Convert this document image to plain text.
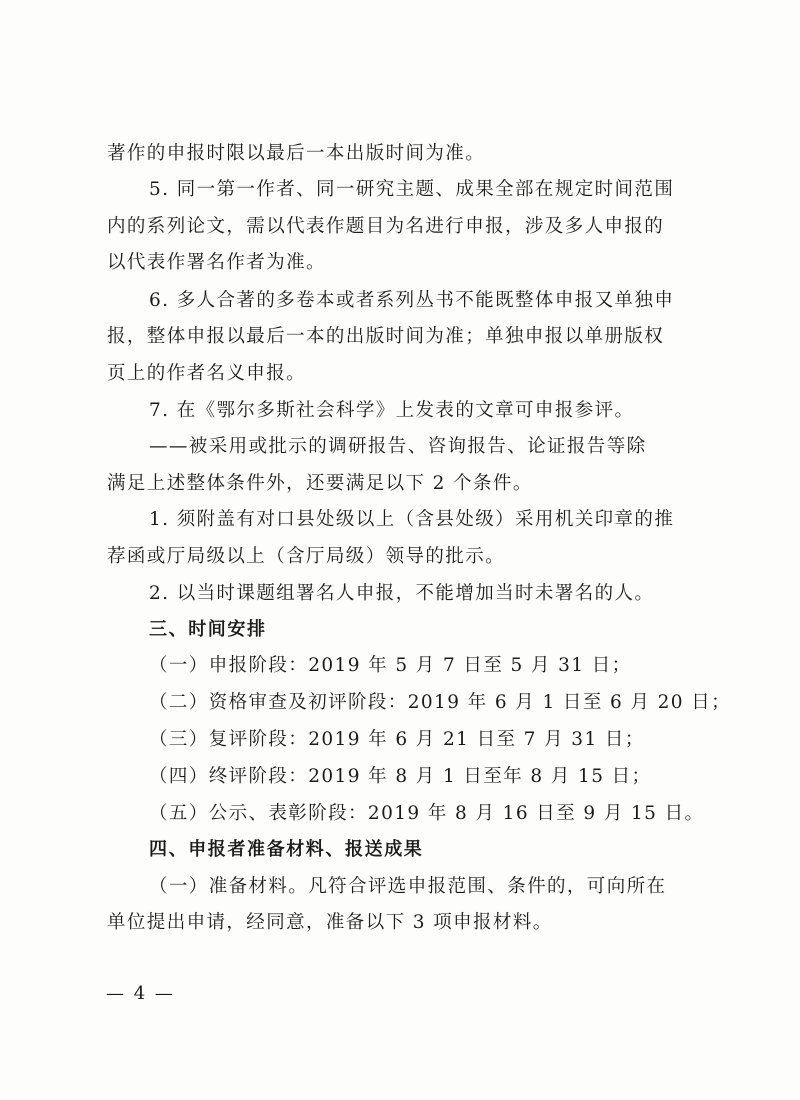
著作的申报时限以最后一本出版时间为准。
5. 同一第一作者、同一研究主题、成果全部在规定时间范围
内的系列论文，需以代表作题目为名进行申报，涉及多人申报的
以代表作署名作者为准。
6. 多人合著的多卷本或者系列丛书不能既整体申报又单独申
报，整体申报以最后一本的出版时间为准；单独申报以单册版权
页上的作者名义申报。
7. 在《鄂尔多斯社会科学》上发表的文章可申报参评。
——被采用或批示的调研报告、咨询报告、论证报告等除
满足上述整体条件外，还要满足以下 2 个条件。
1. 须附盖有对口县处级以上（含县处级）采用机关印章的推
荐函或厅局级以上（含厅局级）领导的批示。
2. 以当时课题组署名人申报，不能增加当时未署名的人。
三、时间安排
（一）申报阶段：2019 年 5 月 7 日至 5 月 31 日；
（二）资格审查及初评阶段：2019 年 6 月 1 日至 6 月 20 日；
（三）复评阶段：2019 年 6 月 21 日至 7 月 31 日；
（四）终评阶段：2019 年 8 月 1 日至年 8 月 15 日；
（五）公示、表彰阶段：2019 年 8 月 16 日至 9 月 15 日。
四、申报者准备材料、报送成果
（一）准备材料。凡符合评选申报范围、条件的，可向所在
单位提出申请，经同意，准备以下 3 项申报材料。
— 4 —
